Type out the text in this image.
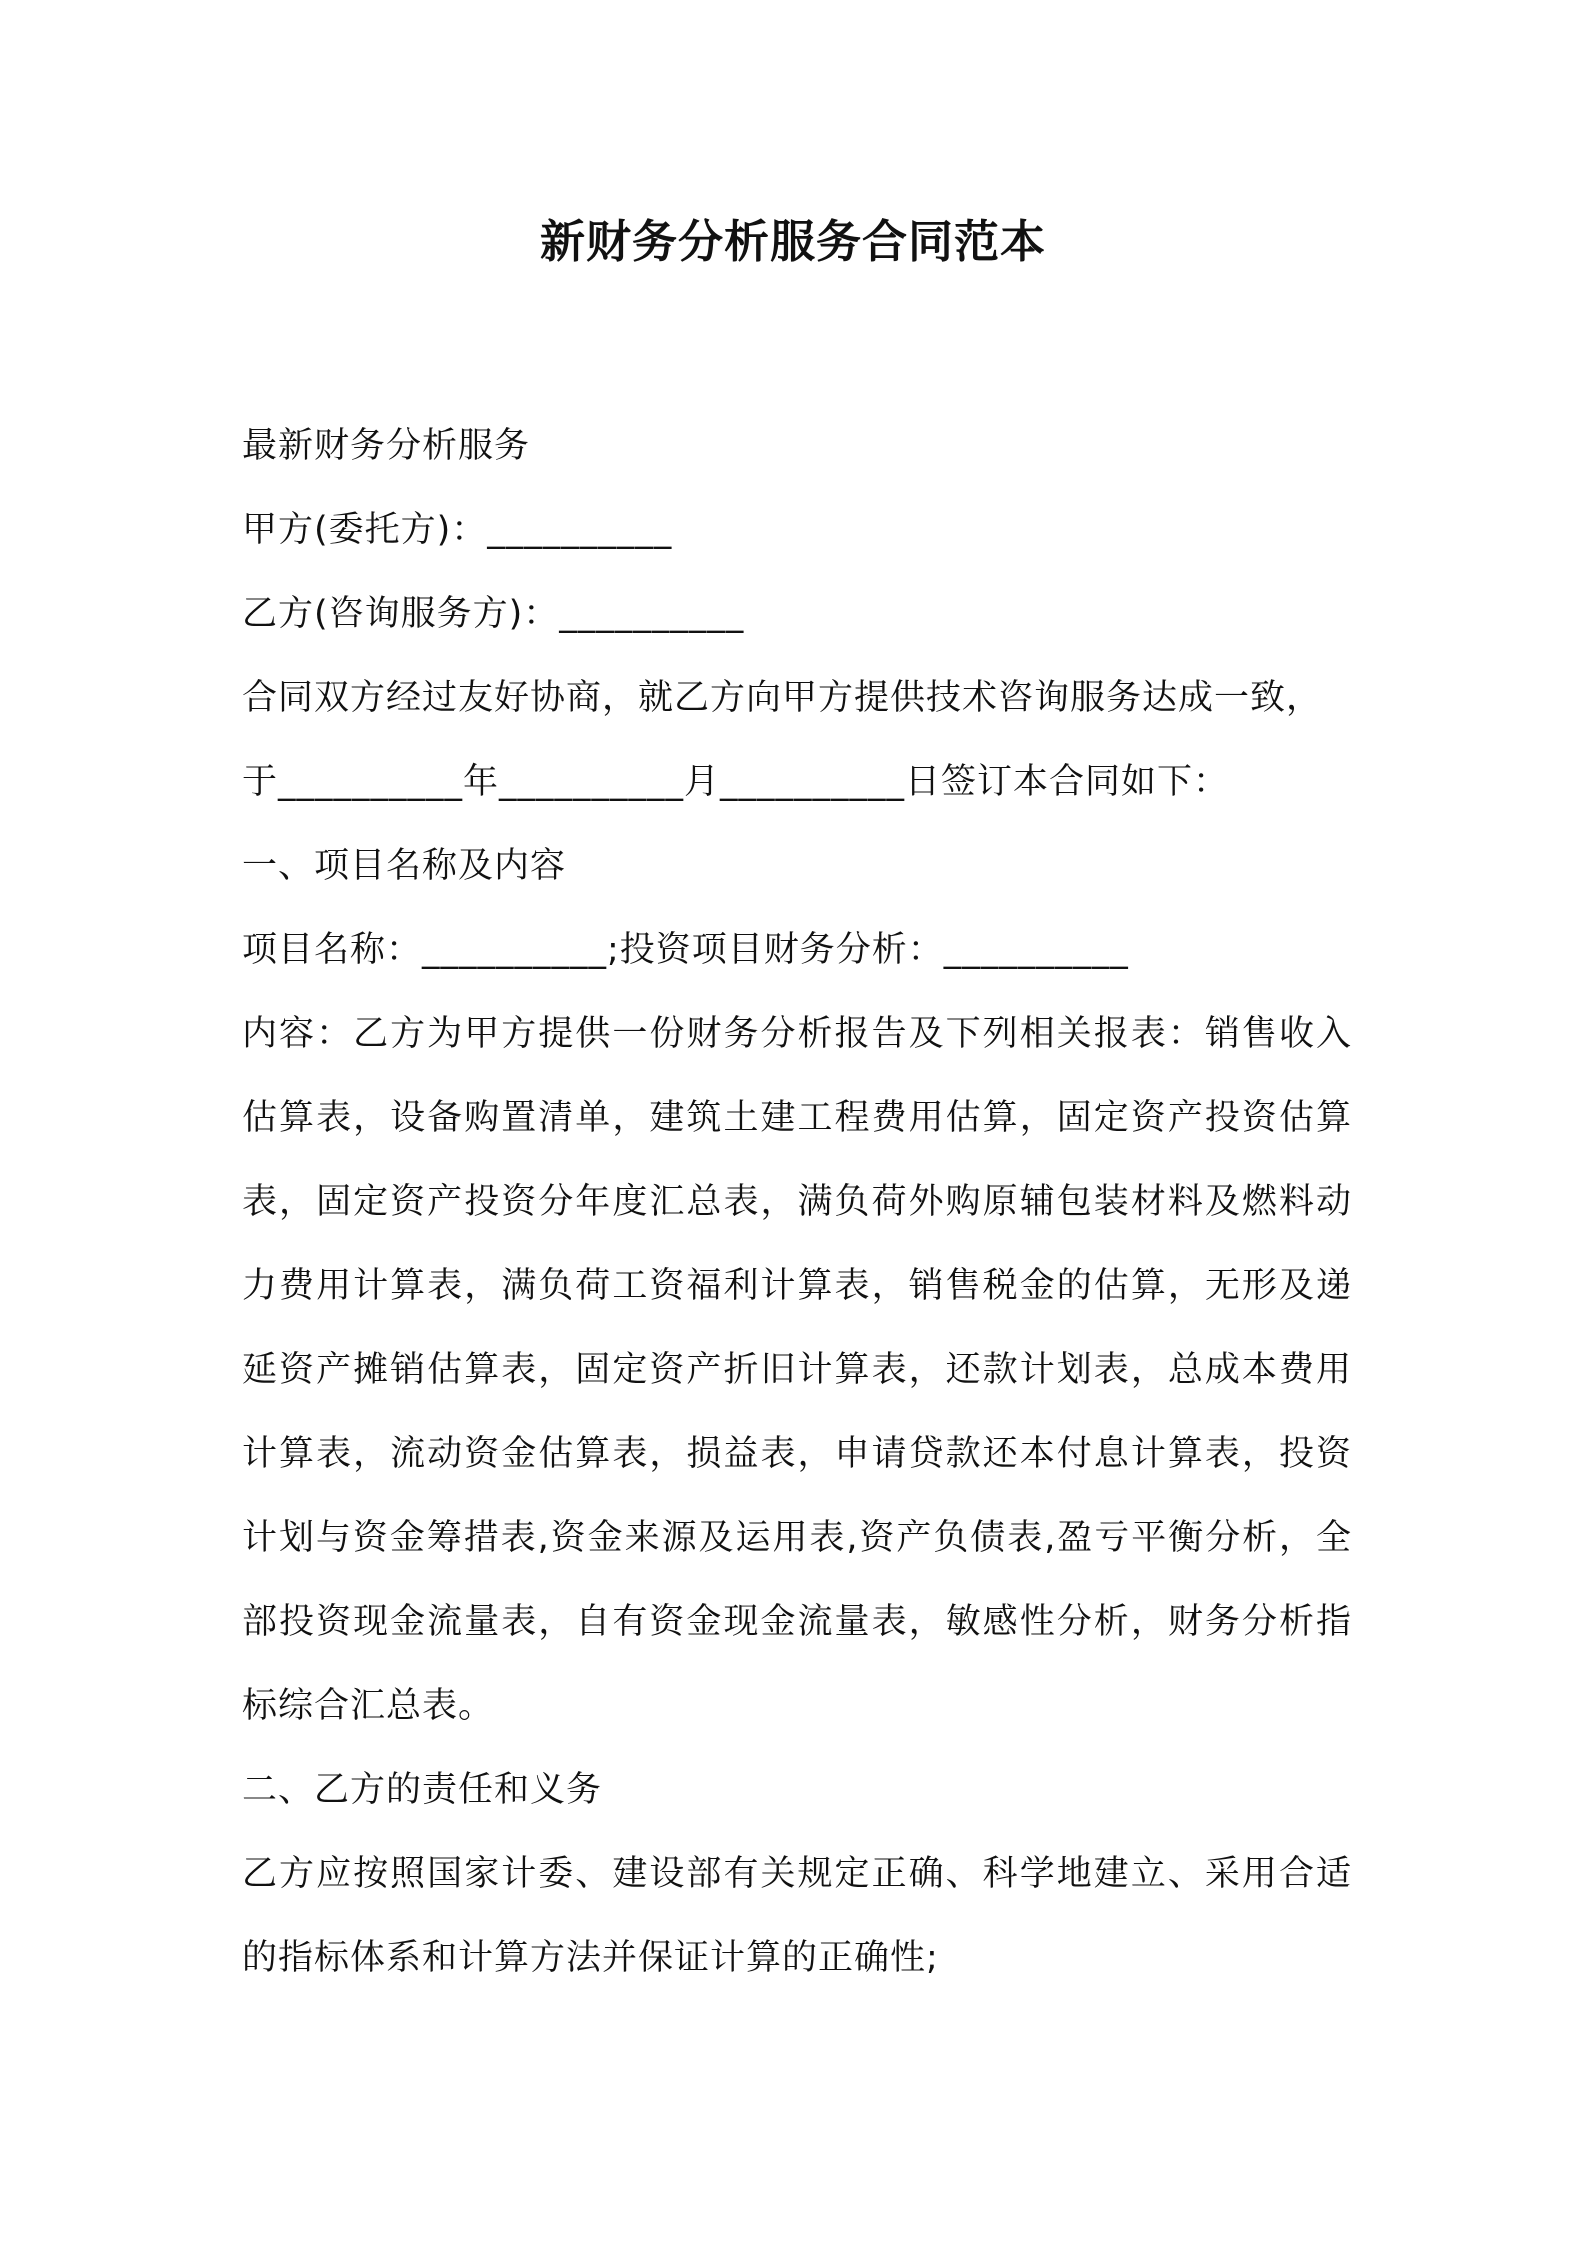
新财务分析服务合同范本

最新财务分析服务

甲方(委托方)：__________

乙方(咨询服务方)：__________

合同双方经过友好协商，就乙方向甲方提供技术咨询服务达成一致，

于__________年__________月__________日签订本合同如下：

一、项目名称及内容

项目名称：__________;投资项目财务分析：__________

内容：乙方为甲方提供一份财务分析报告及下列相关报表：销售收入估算表，设备购置清单，建筑土建工程费用估算，固定资产投资估算表，固定资产投资分年度汇总表，满负荷外购原辅包装材料及燃料动力费用计算表，满负荷工资福利计算表，销售税金的估算，无形及递延资产摊销估算表，固定资产折旧计算表，还款计划表，总成本费用计算表，流动资金估算表，损益表，申请贷款还本付息计算表，投资计划与资金筹措表,资金来源及运用表,资产负债表,盈亏平衡分析，全部投资现金流量表，自有资金现金流量表，敏感性分析，财务分析指标综合汇总表。

二、乙方的责任和义务

乙方应按照国家计委、建设部有关规定正确、科学地建立、采用合适的指标体系和计算方法并保证计算的正确性;
